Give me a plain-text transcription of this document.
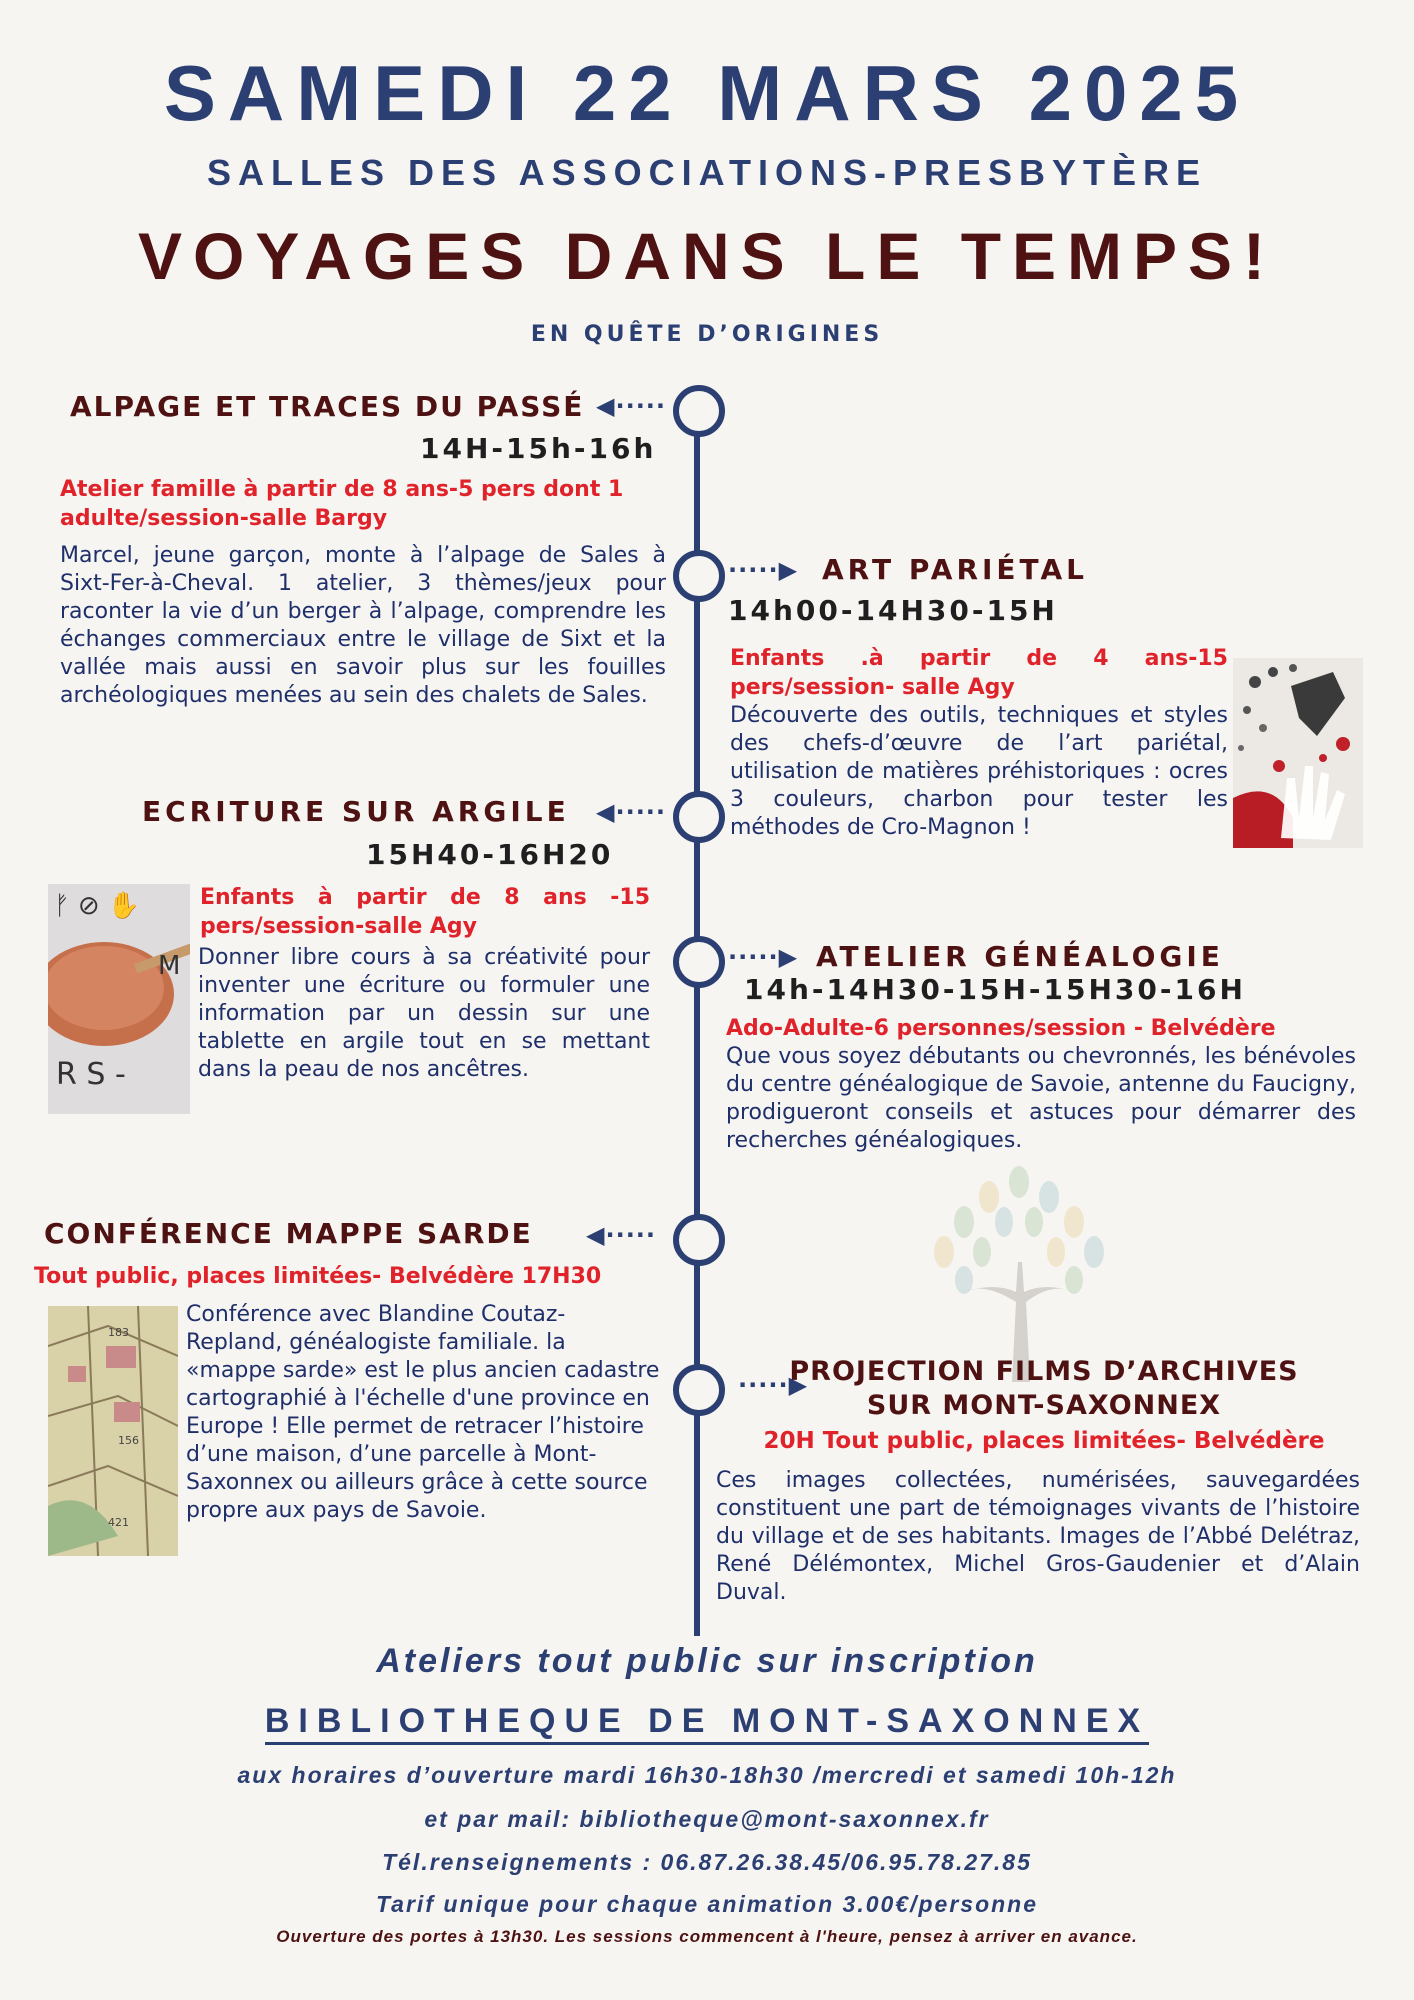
SAMEDI 22 MARS 2025
SALLES DES ASSOCIATIONS-PRESBYTÈRE
VOYAGES DANS LE TEMPS!
EN QUÊTE D’ORIGINES
◀·····
·····▶
◀·····
·····▶
◀·····
·····▶
ALPAGE ET TRACES DU PASSÉ
14H-15h-16h
Atelier famille à partir de 8 ans-5 pers dont 1 adulte/session-salle Bargy
Marcel, jeune garçon, monte à l’alpage de Sales à Sixt-Fer-à-Cheval. 1 atelier, 3 thèmes/jeux pour raconter la vie d’un berger à l’alpage, comprendre les échanges commerciaux entre le village de Sixt et la vallée mais aussi en savoir plus sur les fouilles archéologiques menées au sein des chalets de Sales.
ART PARIÉTAL
14h00-14H30-15H
Enfants .à partir de 4 ans-15 pers/session- salle Agy
Découverte des outils, techniques et styles des chefs-d’œuvre de l’art pariétal, utilisation de matières préhistoriques : ocres 3 couleurs, charbon pour tester les méthodes de Cro-Magnon !
ECRITURE SUR ARGILE
15H40-16H20
ᚠ ⊘ ✋
M
R S -
Enfants à partir de 8 ans -15 pers/session-salle Agy
Donner libre cours à sa créativité pour inventer une écriture ou formuler une information par un dessin sur une tablette en argile tout en se mettant dans la peau de nos ancêtres.
ATELIER GÉNÉALOGIE
14h-14H30-15H-15H30-16H
Ado-Adulte-6 personnes/session - Belvédère
Que vous soyez débutants ou chevronnés, les bénévoles du centre généalogique de Savoie, antenne du Faucigny, prodigueront conseils et astuces pour démarrer des recherches généalogiques.
CONFÉRENCE MAPPE SARDE
Tout public, places limitées- Belvédère 17H30
183
156
421
Conférence avec Blandine Coutaz-Repland, généalogiste familiale. la «mappe sarde» est le plus ancien cadastre cartographié à l'échelle d'une province en Europe ! Elle permet de retracer l’histoire d’une maison, d’une parcelle à Mont-Saxonnex ou ailleurs grâce à cette source propre aux pays de Savoie.
PROJECTION FILMS D’ARCHIVES
SUR MONT-SAXONNEX
20H Tout public, places limitées- Belvédère
Ces images collectées, numérisées, sauvegardées constituent une part de témoignages vivants de l’histoire du village et de ses habitants. Images de l’Abbé Delétraz, René Délémontex, Michel Gros-Gaudenier et d’Alain Duval.
Ateliers tout public sur inscription
BIBLIOTHEQUE DE MONT-SAXONNEX
aux horaires d’ouverture mardi 16h30-18h30 /mercredi et samedi 10h-12h
et par mail: bibliotheque@mont-saxonnex.fr
Tél.renseignements : 06.87.26.38.45/06.95.78.27.85
Tarif unique pour chaque animation 3.00€/personne
Ouverture des portes à 13h30. Les sessions commencent à l'heure, pensez à arriver en avance.
